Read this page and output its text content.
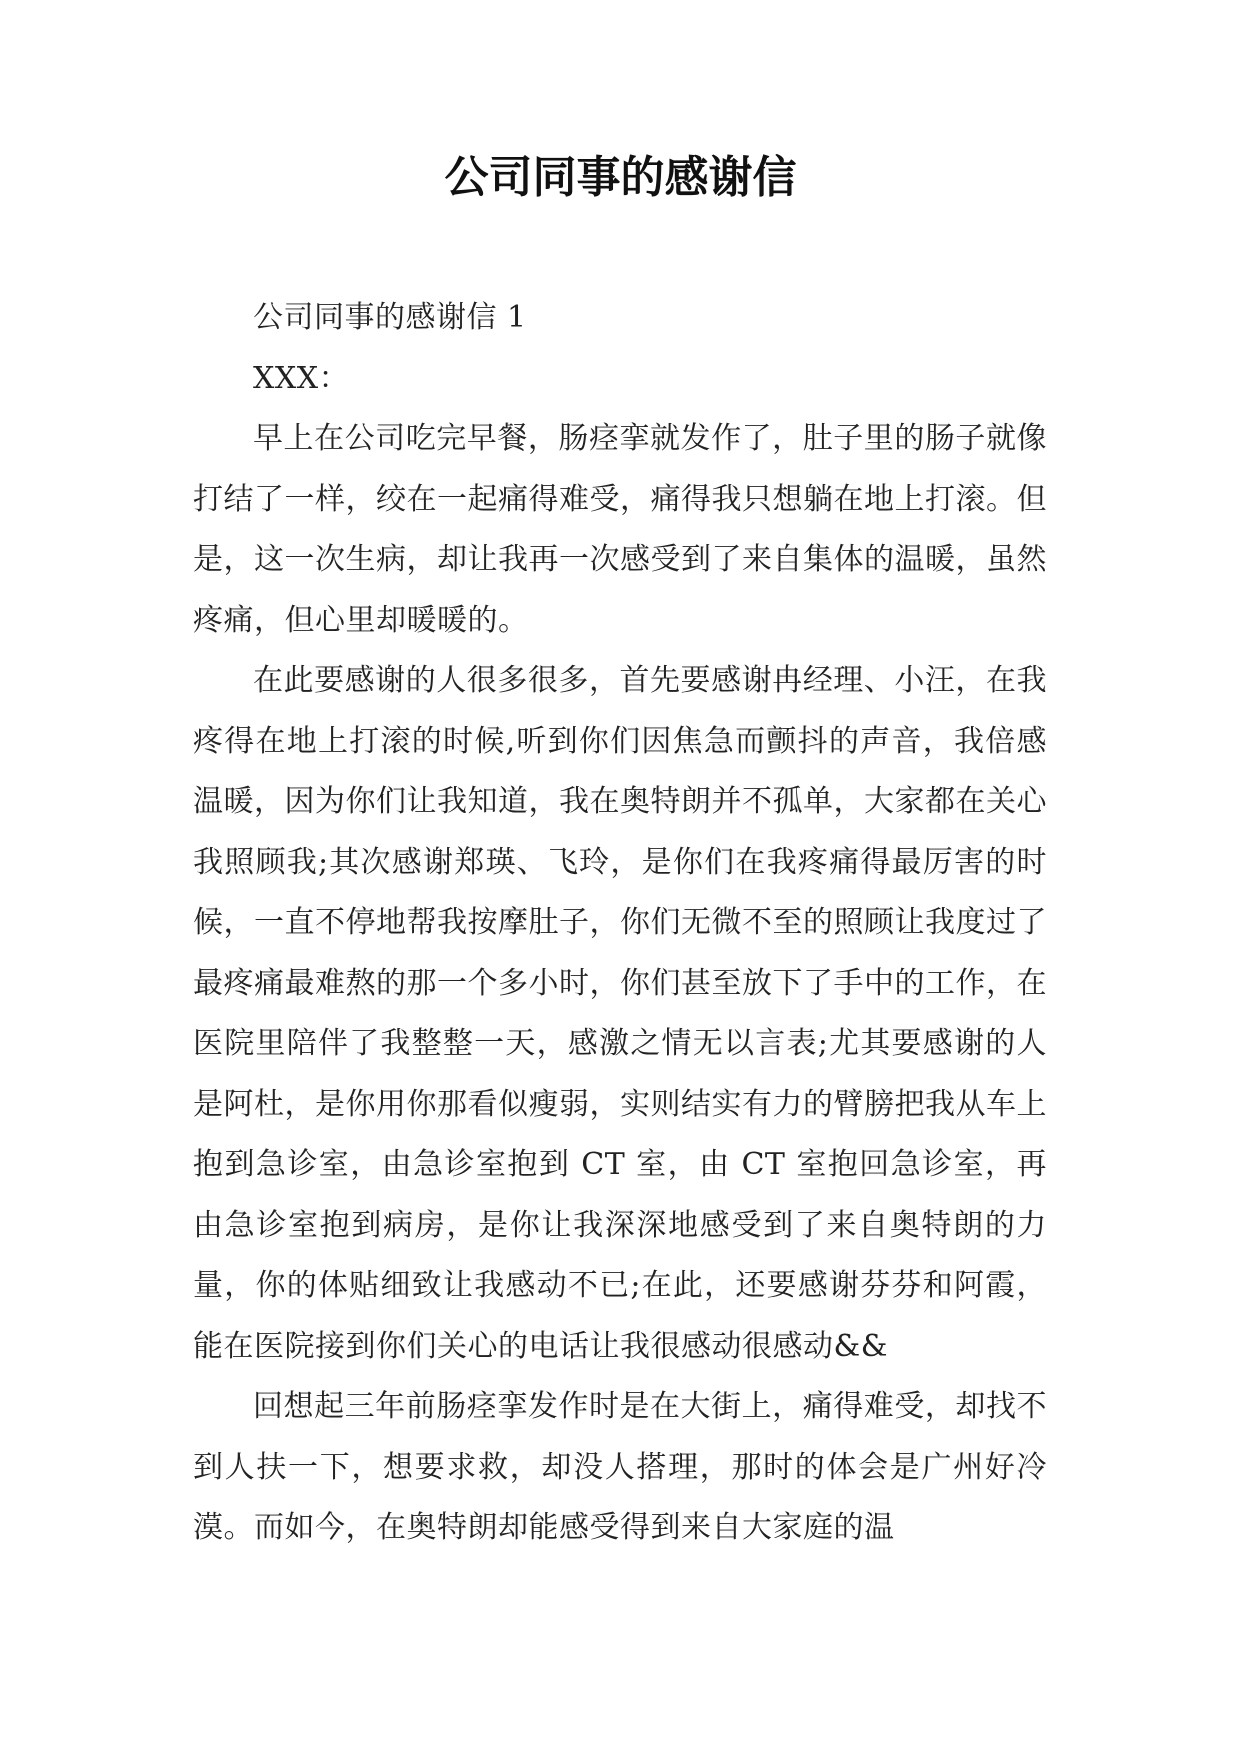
公司同事的感谢信

公司同事的感谢信 1

XXX：

早上在公司吃完早餐，肠痉挛就发作了，肚子里的肠子就像打结了一样，绞在一起痛得难受，痛得我只想躺在地上打滚。但是，这一次生病，却让我再一次感受到了来自集体的温暖，虽然疼痛，但心里却暖暖的。

在此要感谢的人很多很多，首先要感谢冉经理、小汪，在我疼得在地上打滚的时候,听到你们因焦急而颤抖的声音，我倍感温暖，因为你们让我知道，我在奥特朗并不孤单，大家都在关心我照顾我;其次感谢郑瑛、飞玲，是你们在我疼痛得最厉害的时候，一直不停地帮我按摩肚子，你们无微不至的照顾让我度过了最疼痛最难熬的那一个多小时，你们甚至放下了手中的工作，在医院里陪伴了我整整一天，感激之情无以言表;尤其要感谢的人是阿杜，是你用你那看似瘦弱，实则结实有力的臂膀把我从车上抱到急诊室，由急诊室抱到 CT 室，由 CT 室抱回急诊室，再由急诊室抱到病房，是你让我深深地感受到了来自奥特朗的力量，你的体贴细致让我感动不已;在此，还要感谢芬芬和阿霞，能在医院接到你们关心的电话让我很感动很感动&&

回想起三年前肠痉挛发作时是在大街上，痛得难受，却找不到人扶一下，想要求救，却没人搭理，那时的体会是广州好冷漠。而如今，在奥特朗却能感受得到来自大家庭的温
